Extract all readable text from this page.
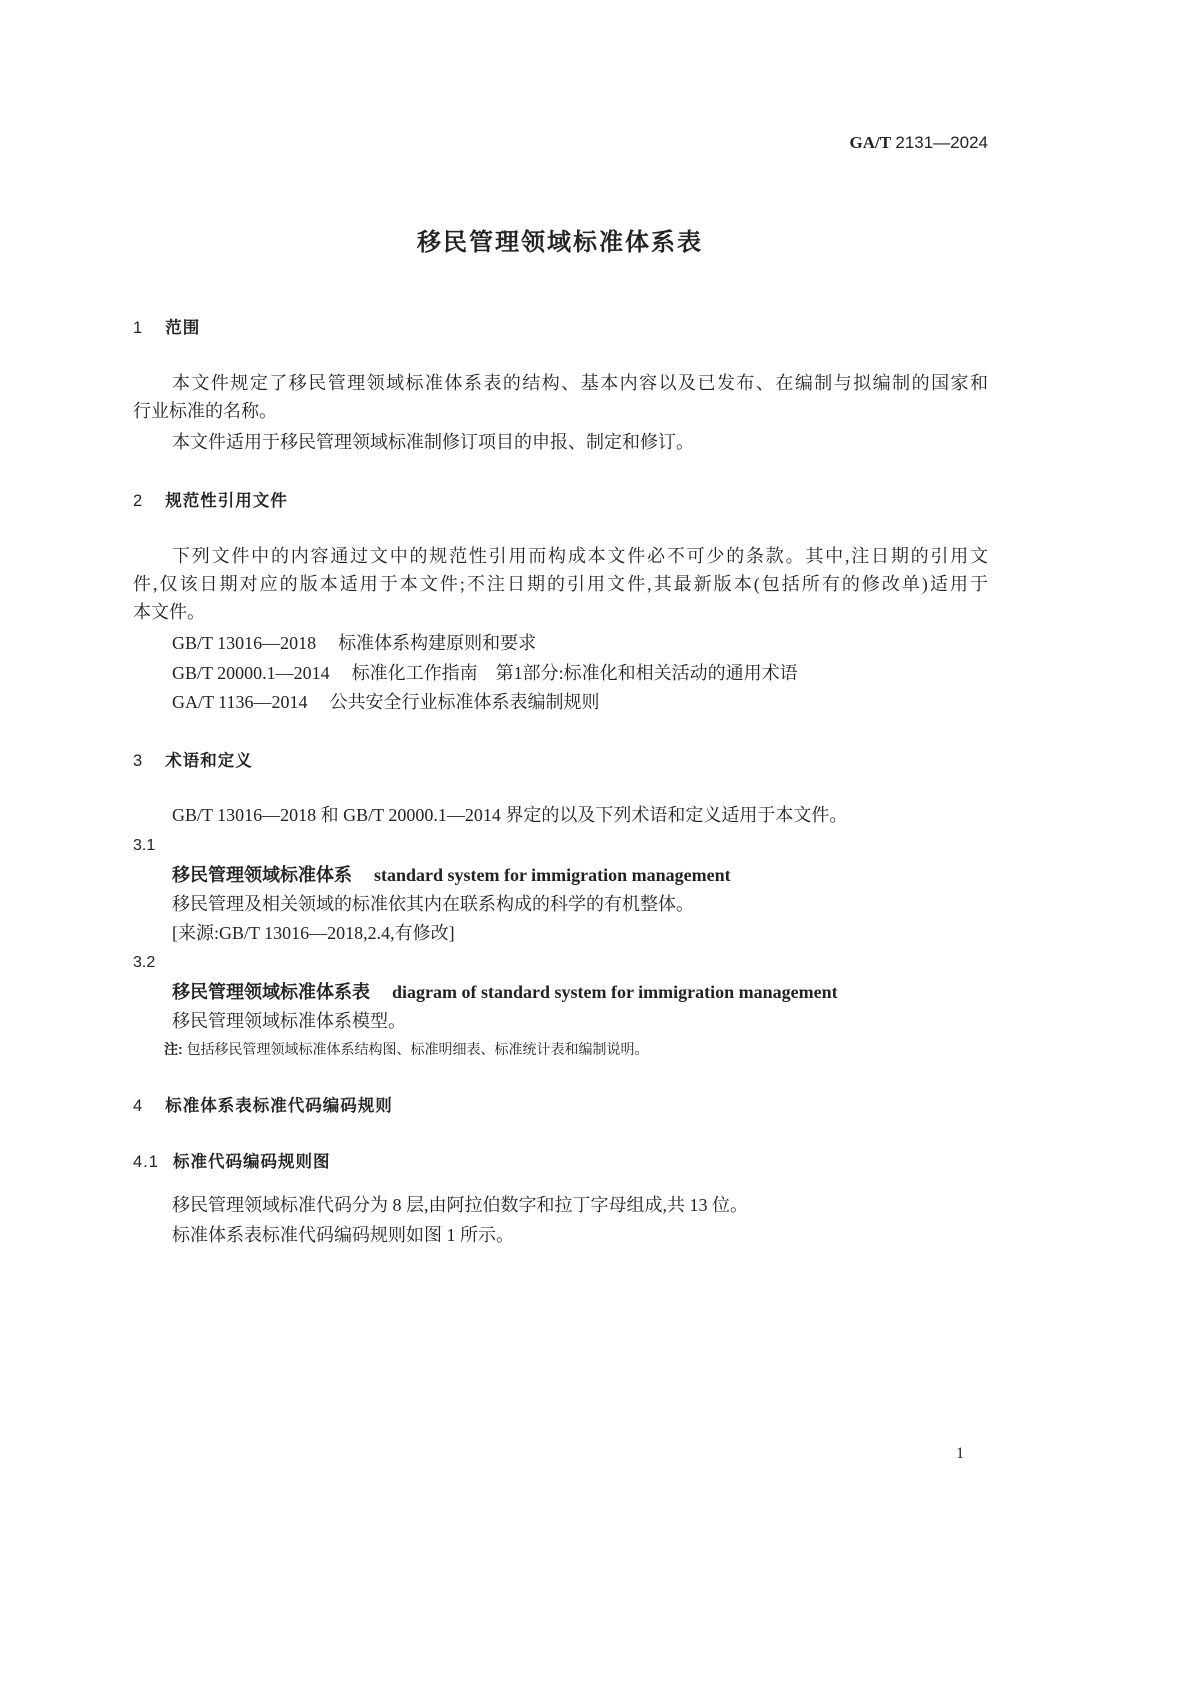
GA/T 2131—2024
移民管理领域标准体系表
1 范围
本文件规定了移民管理领域标准体系表的结构、基本内容以及已发布、在编制与拟编制的国家和
行业标准的名称。
本文件适用于移民管理领域标准制修订项目的申报、制定和修订。
2 规范性引用文件
下列文件中的内容通过文中的规范性引用而构成本文件必不可少的条款。其中,注日期的引用文
件,仅该日期对应的版本适用于本文件;不注日期的引用文件,其最新版本(包括所有的修改单)适用于
本文件。
GB/T 13016—2018 标准体系构建原则和要求
GB/T 20000.1—2014 标准化工作指南　第1部分:标准化和相关活动的通用术语
GA/T 1136—2014 公共安全行业标准体系表编制规则
3 术语和定义
GB/T 13016—2018 和 GB/T 20000.1—2014 界定的以及下列术语和定义适用于本文件。
3.1
移民管理领域标准体系 standard system for immigration management
移民管理及相关领域的标准依其内在联系构成的科学的有机整体。
[来源:GB/T 13016—2018,2.4,有修改]
3.2
移民管理领域标准体系表 diagram of standard system for immigration management
移民管理领域标准体系模型。
注: 包括移民管理领域标准体系结构图、标准明细表、标准统计表和编制说明。
4 标准体系表标准代码编码规则
4.1 标准代码编码规则图
移民管理领域标准代码分为 8 层,由阿拉伯数字和拉丁字母组成,共 13 位。
标准体系表标准代码编码规则如图 1 所示。
1
